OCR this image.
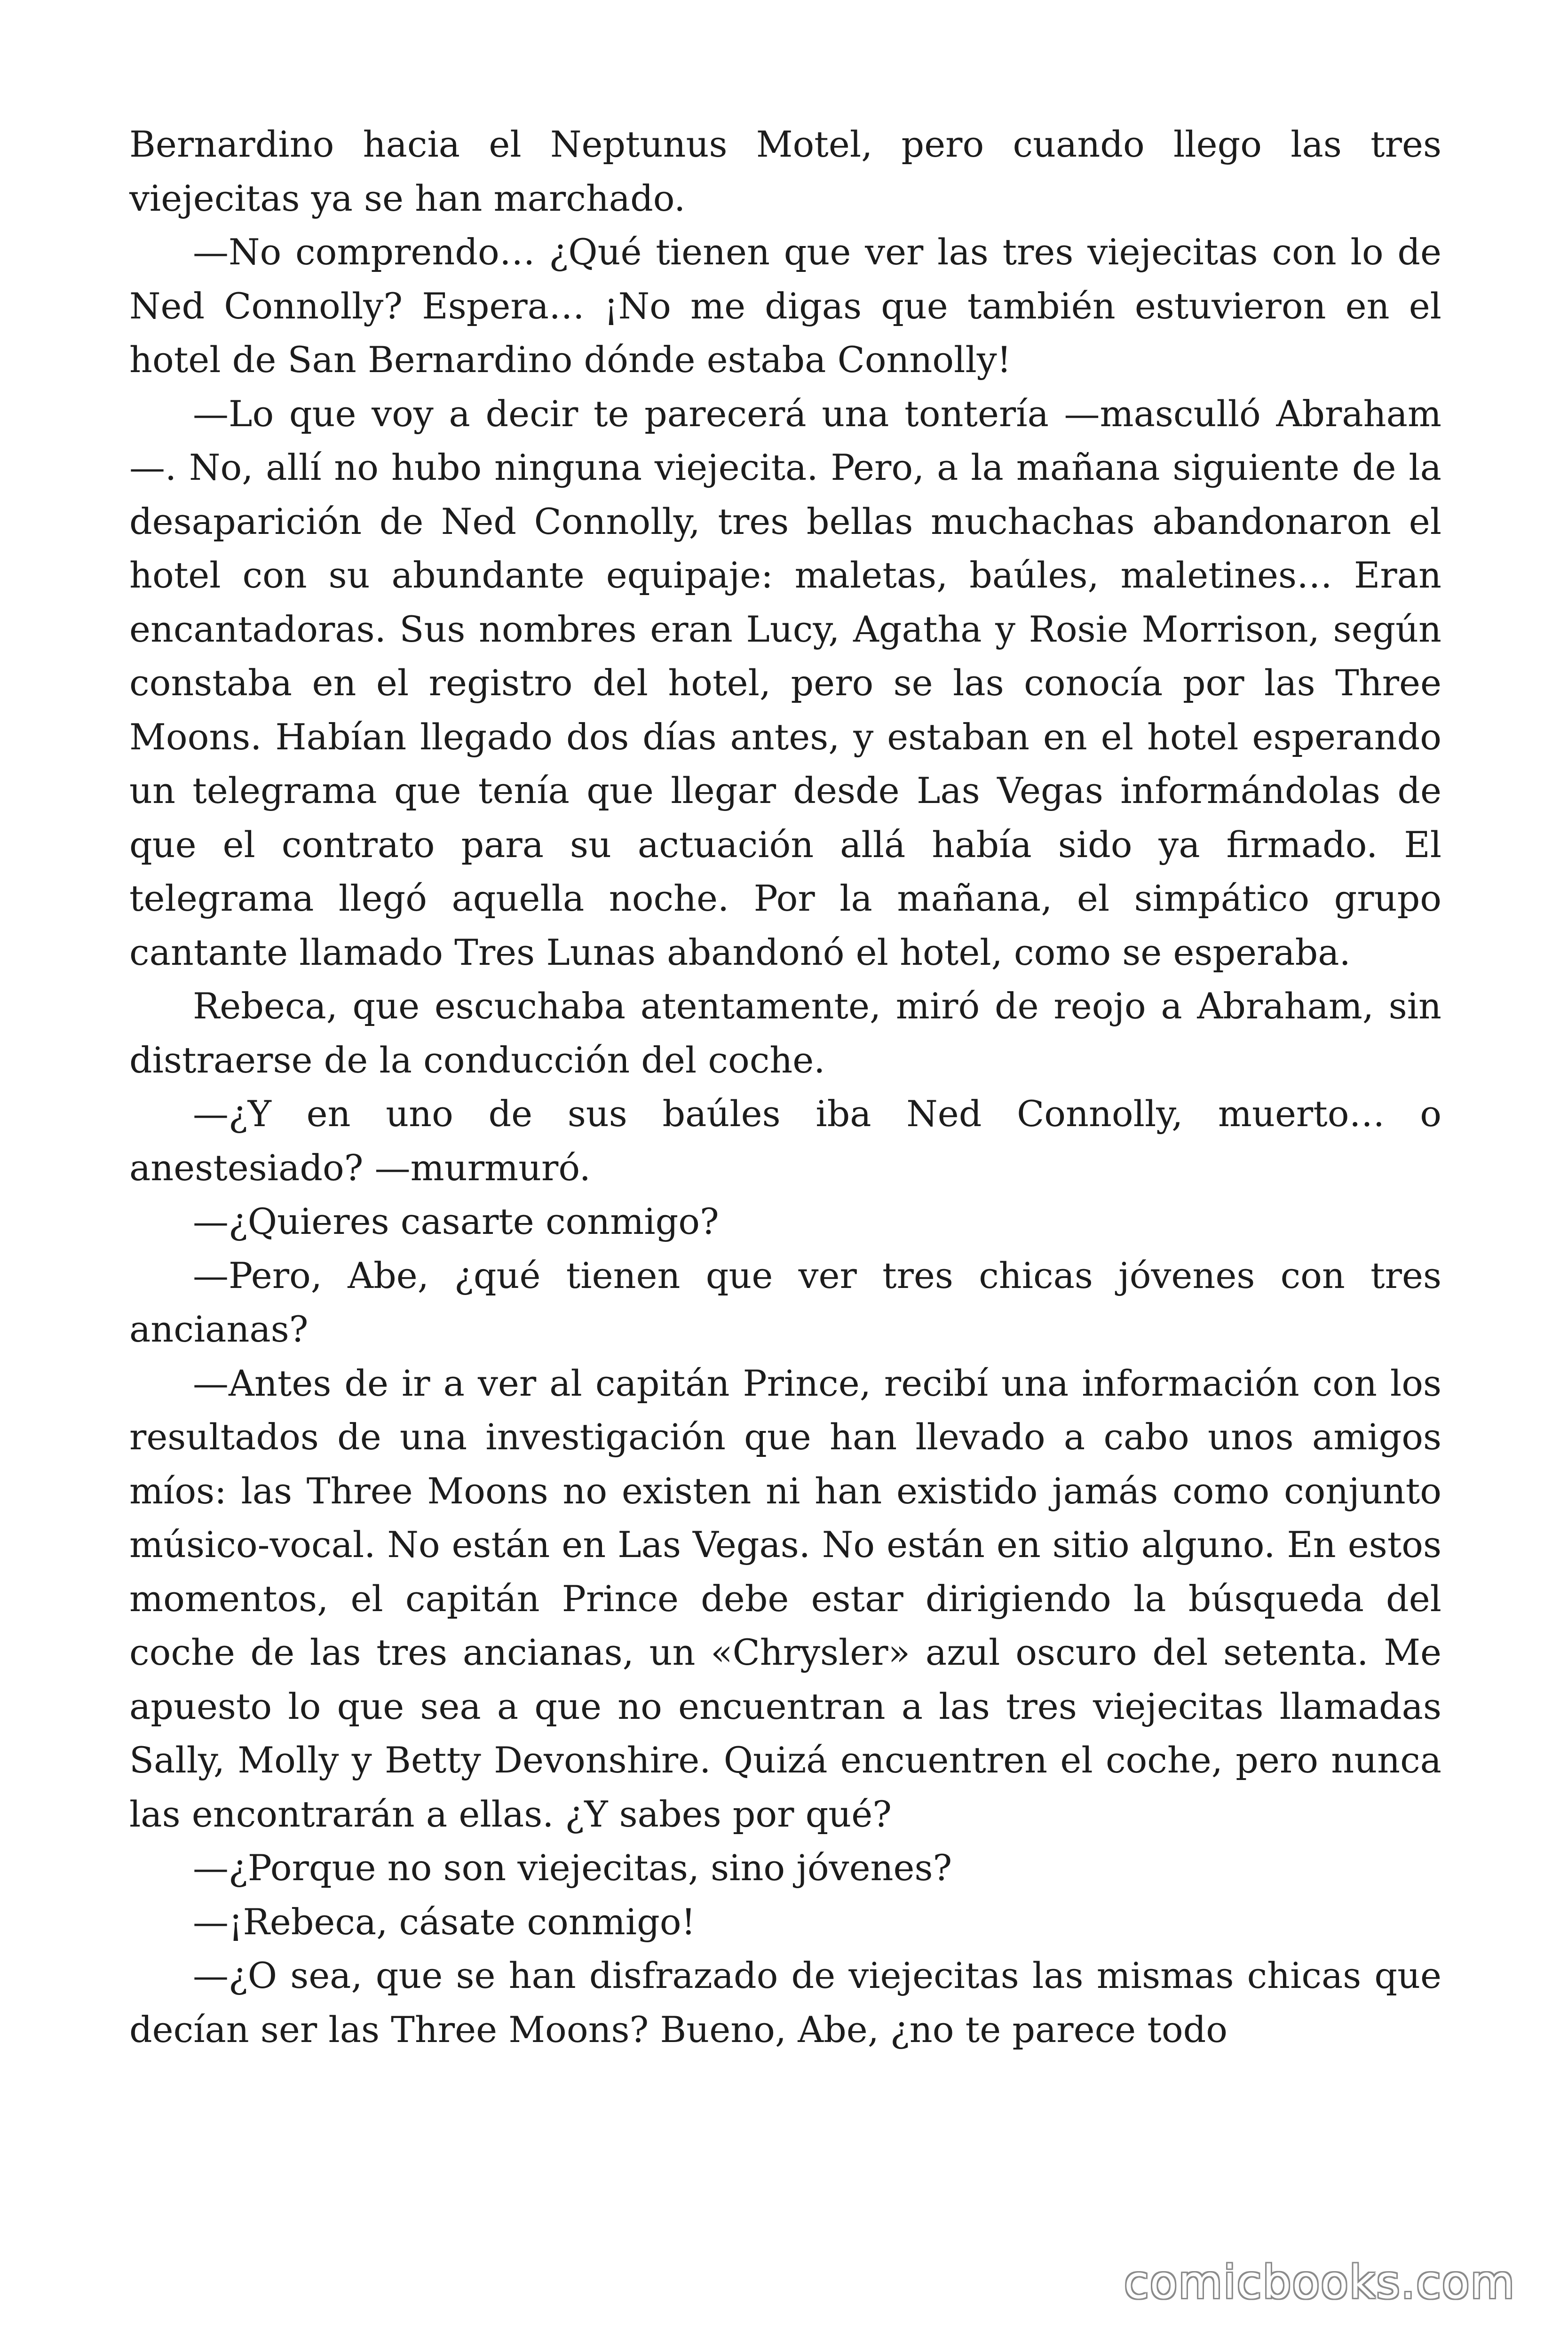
Bernardino hacia el Neptunus Motel, pero cuando llego las tres viejecitas ya se han marchado.

—No comprendo… ¿Qué tienen que ver las tres viejecitas con lo de Ned Connolly? Espera… ¡No me digas que también estuvieron en el hotel de San Bernardino dónde estaba Connolly!

—Lo que voy a decir te parecerá una tontería —masculló Abraham—. No, allí no hubo ninguna viejecita. Pero, a la mañana siguiente de la desaparición de Ned Connolly, tres bellas muchachas abandonaron el hotel con su abundante equipaje: maletas, baúles, maletines… Eran encantadoras. Sus nombres eran Lucy, Agatha y Rosie Morrison, según constaba en el registro del hotel, pero se las conocía por las Three Moons. Habían llegado dos días antes, y estaban en el hotel esperando un telegrama que tenía que llegar desde Las Vegas informándolas de que el contrato para su actuación allá había sido ya firmado. El telegrama llegó aquella noche. Por la mañana, el simpático grupo cantante llamado Tres Lunas abandonó el hotel, como se esperaba.

Rebeca, que escuchaba atentamente, miró de reojo a Abraham, sin distraerse de la conducción del coche.

—¿Y en uno de sus baúles iba Ned Connolly, muerto… o anestesiado? —murmuró.

—¿Quieres casarte conmigo?

—Pero, Abe, ¿qué tienen que ver tres chicas jóvenes con tres ancianas?

—Antes de ir a ver al capitán Prince, recibí una información con los resultados de una investigación que han llevado a cabo unos amigos míos: las Three Moons no existen ni han existido jamás como conjunto músico-vocal. No están en Las Vegas. No están en sitio alguno. En estos momentos, el capitán Prince debe estar dirigiendo la búsqueda del coche de las tres ancianas, un «Chrysler» azul oscuro del setenta. Me apuesto lo que sea a que no encuentran a las tres viejecitas llamadas Sally, Molly y Betty Devonshire. Quizá encuentren el coche, pero nunca las encontrarán a ellas. ¿Y sabes por qué?

—¿Porque no son viejecitas, sino jóvenes?

—¡Rebeca, cásate conmigo!

—¿O sea, que se han disfrazado de viejecitas las mismas chicas que decían ser las Three Moons? Bueno, Abe, ¿no te parece todo

comicbooks.com
